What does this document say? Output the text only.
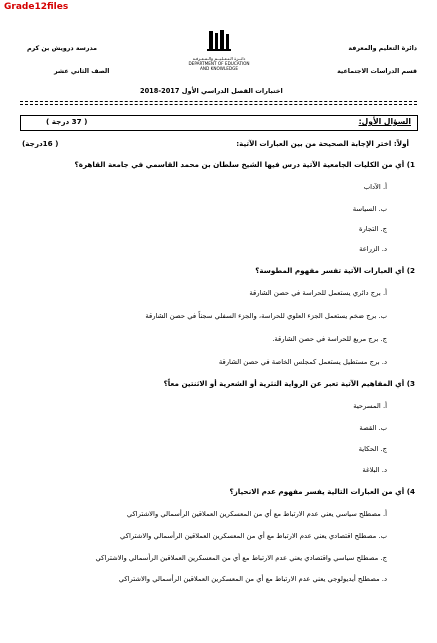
Grade12files
دائرة التعليم والمعرفة
قسم الدراسات الاجتماعية
مدرسة درويش بن كرم
الصف الثاني عشر
دائــرة الـتـعـلـيــم والـمـعـرفـة
DEPARTMENT OF EDUCATION
AND KNOWLEDGE
اختبارات الفصل الدراسي الأول 2017-2018
السؤال الأول:
( 37 درجة )
أولاً: اختر الإجابة الصحيحة من بين العبارات الآتية:
( 16درجة)
1) أي من الكليات الجامعية الآتية درس فيها الشيخ سلطان بن محمد القاسمي في جامعة القاهرة؟
أ. الآداب
ب. السياسة
ج. التجارة
د. الزراعة
2) أي العبارات الآتية تفسر مفهوم المطوسة؟
أ. برج دائري يستعمل للحراسة في حصن الشارقة
ب. برج ضخم يستعمل الجزء العلوي للحراسة، والجزء السفلي سجناً في حصن الشارقة
ج. برج مربع للحراسة في حصن الشارقة.
د. برج مستطيل يستعمل كمجلس الخاصة في حصن الشارقة
3) أي المفاهيم الآتية تعبر عن الرواية النثرية أو الشعرية أو الاثنتين معاً؟
أ. المسرحية
ب. القصة
ج. الحكاية
د. البلاغة
4) أي من العبارات التالية يفسر مفهوم عدم الانحياز؟
أ. مصطلح سياسي يعني عدم الارتباط مع أي من المعسكرين العملاقين الرأسمالي والاشتراكي
ب. مصطلح اقتصادي يعني عدم الارتباط مع أي من المعسكرين العملاقين الرأسمالي والاشتراكي
ج. مصطلح سياسي واقتصادي يعني عدم الارتباط مع أي من المعسكرين العملاقين الرأسمالي والاشتراكي
د. مصطلح أيديولوجي يعني عدم الارتباط مع أي من المعسكرين العملاقين الرأسمالي والاشتراكي
